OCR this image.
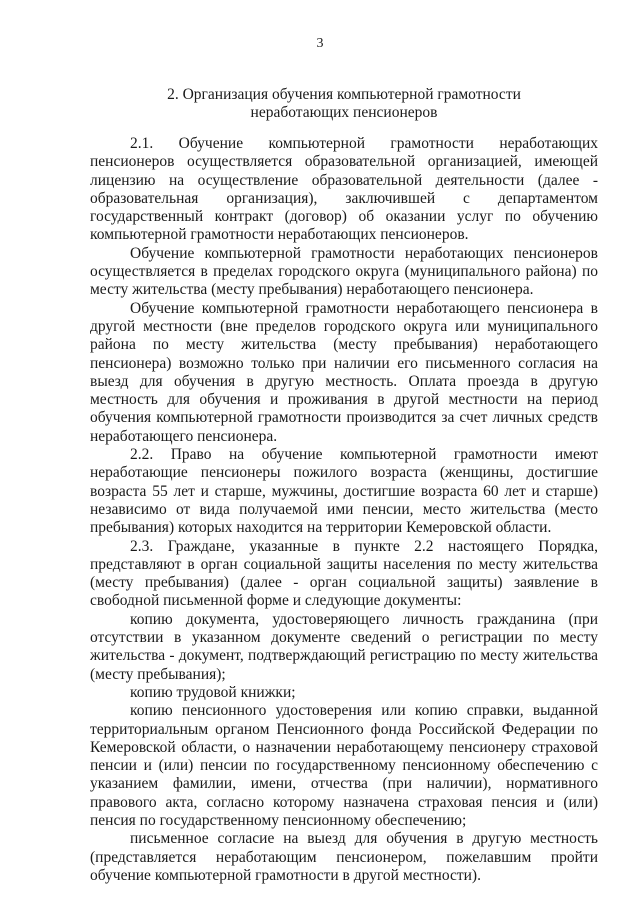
3
2. Организация обучения компьютерной грамотности
неработающих пенсионеров

2.1. Обучение компьютерной грамотности неработающих пенсионеров осуществляется образовательной организацией, имеющей лицензию на осуществление образовательной деятельности (далее - образовательная организация), заключившей с департаментом государственный контракт (договор) об оказании услуг по обучению компьютерной грамотности неработающих пенсионеров.

Обучение компьютерной грамотности неработающих пенсионеров осуществляется в пределах городского округа (муниципального района) по месту жительства (месту пребывания) неработающего пенсионера.

Обучение компьютерной грамотности неработающего пенсионера в другой местности (вне пределов городского округа или муниципального района по месту жительства (месту пребывания) неработающего пенсионера) возможно только при наличии его письменного согласия на выезд для обучения в другую местность. Оплата проезда в другую местность для обучения и проживания в другой местности на период обучения компьютерной грамотности производится за счет личных средств неработающего пенсионера.

2.2. Право на обучение компьютерной грамотности имеют неработающие пенсионеры пожилого возраста (женщины, достигшие возраста 55 лет и старше, мужчины, достигшие возраста 60 лет и старше) независимо от вида получаемой ими пенсии, место жительства (место пребывания) которых находится на территории Кемеровской области.

2.3. Граждане, указанные в пункте 2.2 настоящего Порядка, представляют в орган социальной защиты населения по месту жительства (месту пребывания) (далее - орган социальной защиты) заявление в свободной письменной форме и следующие документы:

копию документа, удостоверяющего личность гражданина (при отсутствии в указанном документе сведений о регистрации по месту жительства - документ, подтверждающий регистрацию по месту жительства (месту пребывания);

копию трудовой книжки;

копию пенсионного удостоверения или копию справки, выданной территориальным органом Пенсионного фонда Российской Федерации по Кемеровской области, о назначении неработающему пенсионеру страховой пенсии и (или) пенсии по государственному пенсионному обеспечению с указанием фамилии, имени, отчества (при наличии), нормативного правового акта, согласно которому назначена страховая пенсия и (или) пенсия по государственному пенсионному обеспечению;

письменное согласие на выезд для обучения в другую местность (представляется неработающим пенсионером, пожелавшим пройти обучение компьютерной грамотности в другой местности).
